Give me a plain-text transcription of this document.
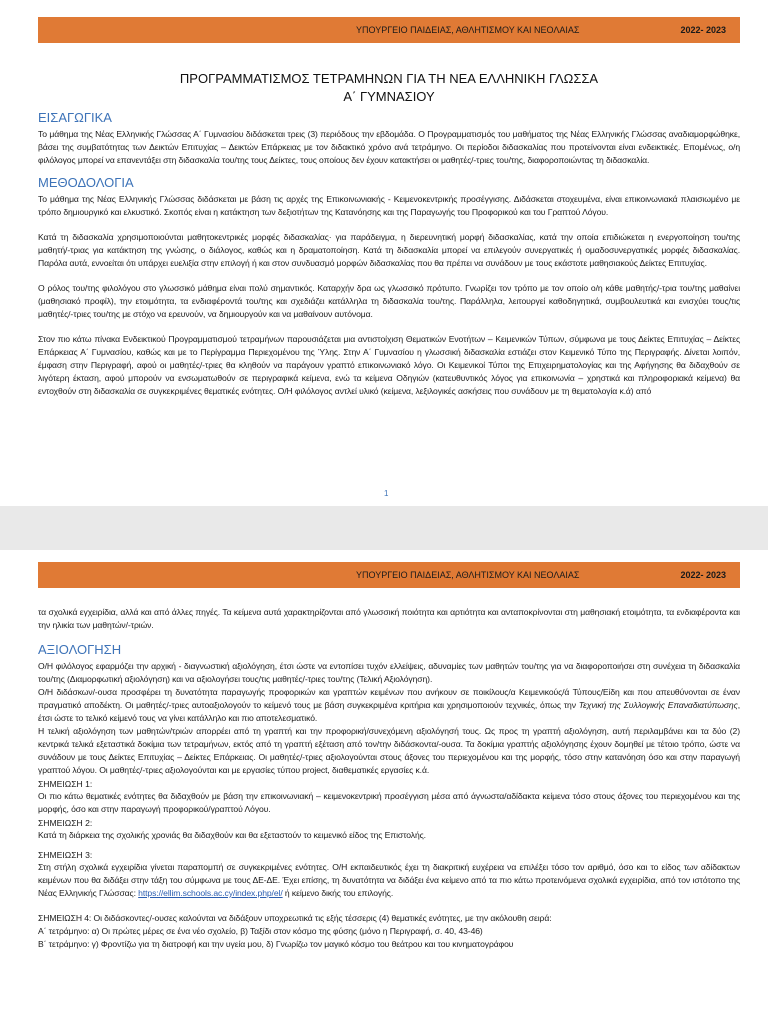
ΥΠΟΥΡΓΕΙΟ ΠΑΙΔΕΙΑΣ, ΑΘΛΗΤΙΣΜΟΥ ΚΑΙ ΝΕΟΛΑΙΑΣ	2022- 2023
ΠΡΟΓΡΑΜΜΑΤΙΣΜΟΣ ΤΕΤΡΑΜΗΝΩΝ ΓΙΑ ΤΗ ΝΕΑ ΕΛΛΗΝΙΚΗ ΓΛΩΣΣΑ
Α΄ ΓΥΜΝΑΣΙΟΥ
ΕΙΣΑΓΩΓΙΚΑ

Το μάθημα της Νέας Ελληνικής Γλώσσας Α΄ Γυμνασίου διδάσκεται τρεις (3) περιόδους την εβδομάδα. Ο Προγραμματισμός του μαθήματος της Νέας Ελληνικής Γλώσσας αναδιαμορφώθηκε, βάσει της συμβατότητας των Δεικτών Επιτυχίας – Δεικτών Επάρκειας με τον διδακτικό χρόνο ανά τετράμηνο. Οι περίοδοι διδασκαλίας που προτείνονται είναι ενδεικτικές. Επομένως, ο/η φιλόλογος μπορεί να επανεντάξει στη διδασκαλία του/της τους Δείκτες, τους οποίους δεν έχουν κατακτήσει οι μαθητές/-τριες του/της, διαφοροποιώντας τη διδασκαλία.

ΜΕΘΟΔΟΛΟΓΙΑ

Το μάθημα της Νέας Ελληνικής Γλώσσας διδάσκεται με βάση τις αρχές της Επικοινωνιακής - Κειμενοκεντρικής προσέγγισης. Διδάσκεται στοχευμένα, είναι επικοινωνιακά πλαισιωμένο με τρόπο δημιουργικό και ελκυστικό. Σκοπός είναι η κατάκτηση των δεξιοτήτων της Κατανόησης και της Παραγωγής του Προφορικού και του Γραπτού Λόγου.

Κατά τη διδασκαλία χρησιμοποιούνται μαθητοκεντρικές μορφές διδασκαλίας· για παράδειγμα, η διερευνητική μορφή διδασκαλίας, κατά την οποία επιδιώκεται η ενεργοποίηση του/της μαθητή/-τριας για κατάκτηση της γνώσης, ο διάλογος, καθώς και η δραματοποίηση. Κατά τη διδασκαλία μπορεί να επιλεγούν συνεργατικές ή ομαδοσυνεργατικές μορφές διδασκαλίας. Παρόλα αυτά, εννοείται ότι υπάρχει ευελιξία στην επιλογή ή και στον συνδυασμό μορφών διδασκαλίας που θα πρέπει να συνάδουν με τους εκάστοτε μαθησιακούς Δείκτες Επιτυχίας.

Ο ρόλος του/της φιλολόγου στο γλωσσικό μάθημα είναι πολύ σημαντικός. Καταρχήν δρα ως γλωσσικό πρότυπο. Γνωρίζει τον τρόπο με τον οποίο ο/η κάθε μαθητής/-τρια του/της μαθαίνει (μαθησιακό προφίλ), την ετοιμότητα, τα ενδιαφέροντά του/της και σχεδιάζει κατάλληλα τη διδασκαλία του/της. Παράλληλα, λειτουργεί καθοδηγητικά, συμβουλευτικά και ενισχύει τους/τις μαθητές/-τριες του/της με στόχο να ερευνούν, να δημιουργούν και να μαθαίνουν αυτόνομα.

Στον πιο κάτω πίνακα Ενδεικτικού Προγραμματισμού τετραμήνων παρουσιάζεται μια αντιστοίχιση Θεματικών Ενοτήτων – Κειμενικών Τύπων, σύμφωνα με τους Δείκτες Επιτυχίας – Δείκτες Επάρκειας Α΄ Γυμνασίου, καθώς και με το Περίγραμμα Περιεχομένου της Ύλης. Στην Α΄ Γυμνασίου η γλωσσική διδασκαλία εστιάζει στον Κειμενικό Τύπο της Περιγραφής. Δίνεται λοιπόν, έμφαση στην Περιγραφή, αφού οι μαθητές/-τριες θα κληθούν να παράγουν γραπτό επικοινωνιακό λόγο. Οι Κειμενικοί Τύποι της Επιχειρηματολογίας και της Αφήγησης θα διδαχθούν σε λιγότερη έκταση, αφού μπορούν να ενσωματωθούν σε περιγραφικά κείμενα, ενώ τα κείμενα Οδηγιών (κατευθυντικός λόγος για επικοινωνία – χρηστικά και πληροφοριακά κείμενα) θα εντοχθούν στη διδασκαλία σε συγκεκριμένες θεματικές ενότητες. Ο/Η φιλόλογος αντλεί υλικό (κείμενα, λεξιλογικές ασκήσεις που συνάδουν με τη θεματολογία κ.ά) από

1
ΥΠΟΥΡΓΕΙΟ ΠΑΙΔΕΙΑΣ, ΑΘΛΗΤΙΣΜΟΥ ΚΑΙ ΝΕΟΛΑΙΑΣ	2022- 2023

τα σχολικά εγχειρίδια, αλλά και από άλλες πηγές. Τα κείμενα αυτά χαρακτηρίζονται από γλωσσική ποιότητα και αρτιότητα και ανταποκρίνονται στη μαθησιακή ετοιμότητα, τα ενδιαφέροντα και την ηλικία των μαθητών/-τριών.

ΑΞΙΟΛΟΓΗΣΗ

Ο/Η φιλόλογος εφαρμόζει την αρχική - διαγνωστική αξιολόγηση, έτσι ώστε να εντοπίσει τυχόν ελλείψεις, αδυναμίες των μαθητών του/της για να διαφοροποιήσει στη συνέχεια τη διδασκαλία του/της (Διαμορφωτική αξιολόγηση) και να αξιολογήσει τους/τις μαθητές/-τριες του/της (Τελική Αξιολόγηση).

Ο/Η διδάσκων/-ουσα προσφέρει τη δυνατότητα παραγωγής προφορικών και γραπτών κειμένων που ανήκουν σε ποικίλους/α Κειμενικούς/ά Τύπους/Είδη και που απευθύνονται σε έναν πραγματικό αποδέκτη. Οι μαθητές/-τριες αυτοαξιολογούν το κείμενό τους με βάση συγκεκριμένα κριτήρια και χρησιμοποιούν τεχνικές, όπως την Τεχνική της Συλλογικής Επαναδιατύπωσης, έτσι ώστε το τελικό κείμενό τους να γίνει κατάλληλο και πιο αποτελεσματικό.

Η τελική αξιολόγηση των μαθητών/τριών απορρέει από τη γραπτή και την προφορική/συνεχόμενη αξιολόγησή τους. Ως προς τη γραπτή αξιολόγηση, αυτή περιλαμβάνει και τα δύο (2) κεντρικά τελικά εξεταστικά δοκίμια των τετραμήνων, εκτός από τη γραπτή εξέταση από τον/την διδάσκοντα/-ουσα. Τα δοκίμια γραπτής αξιολόγησης έχουν δομηθεί με τέτοιο τρόπο, ώστε να συνάδουν με τους Δείκτες Επιτυχίας – Δείκτες Επάρκειας. Οι μαθητές/-τριες αξιολογούνται στους άξονες του περιεχομένου και της μορφής, τόσο στην κατανόηση όσο και στην παραγωγή γραπτού λόγου. Οι μαθητές/-τριες αξιολογούνται και με εργασίες τύπου project, διαθεματικές εργασίες κ.ά.

ΣΗΜΕΙΩΣΗ 1:

Οι πιο κάτω θεματικές ενότητες θα διδαχθούν με βάση την επικοινωνιακή – κειμενοκεντρική προσέγγιση μέσα από άγνωστα/αδίδακτα κείμενα τόσο στους άξονες του περιεχομένου και της μορφής, όσο και στην παραγωγή προφορικού/γραπτού Λόγου.

ΣΗΜΕΙΩΣΗ 2:

Κατά τη διάρκεια της σχολικής χρονιάς θα διδαχθούν και θα εξεταστούν το κειμενικό είδος της Επιστολής.

ΣΗΜΕΙΩΣΗ 3:

Στη στήλη σχολικά εγχειρίδια γίνεται παραπομπή σε συγκεκριμένες ενότητες. Ο/Η εκπαιδευτικός έχει τη διακριτική ευχέρεια να επιλέξει τόσο τον αριθμό, όσο και το είδος των αδίδακτων κειμένων που θα διδάξει στην τάξη του σύμφωνα με τους ΔΕ-ΔΕ. Έχει επίσης, τη δυνατότητα να διδάξει ένα κείμενο από τα πιο κάτω προτεινόμενα σχολικά εγχειρίδια, από τον ιστότοπο της Νέας Ελληνικής Γλώσσας: https://ellim.schools.ac.cy/index.php/el/ ή κείμενο δικής του επιλογής.

ΣΗΜΕΙΩΣΗ 4: Οι διδάσκοντες/-ουσες καλούνται να διδάξουν υποχρεωτικά τις εξής τέσσερις (4) θεματικές ενότητες, με την ακόλουθη σειρά:

Α΄ τετράμηνο: α) Οι πρώτες μέρες σε ένα νέο σχολείο, β) Ταξίδι στον κόσμο της φύσης (μόνο η Περιγραφή, σ. 40, 43-46)

Β΄ τετράμηνο: γ) Φροντίζω για τη διατροφή και την υγεία μου, δ) Γνωρίζω τον μαγικό κόσμο του θεάτρου και του κινηματογράφου
